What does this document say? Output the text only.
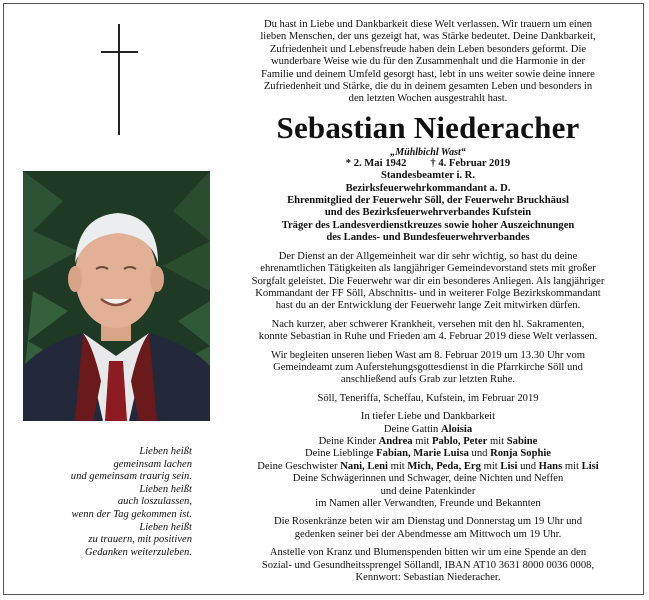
Lieben heißt
gemeinsam lachen
und gemeinsam traurig sein.
Lieben heißt
auch loszulassen,
wenn der Tag gekommen ist.
Lieben heißt
zu trauern, mit positiven
Gedanken weiterzuleben.
Du hast in Liebe und Dankbarkeit diese Welt verlassen. Wir trauern um einen
lieben Menschen, der uns gezeigt hat, was Stärke bedeutet. Deine Dankbarkeit,
Zufriedenheit und Lebensfreude haben dein Leben besonders geformt. Die
wunderbare Weise wie du für den Zusammenhalt und die Harmonie in der
Familie und deinem Umfeld gesorgt hast, lebt in uns weiter sowie deine innere
Zufriedenheit und Stärke, die du in deinem gesamten Leben und besonders in
den letzten Wochen ausgestrahlt hast.
Sebastian Niederacher
„Mühlbichl Wast“
* 2. Mai 1942 † 4. Februar 2019
Standesbeamter i. R.
Bezirksfeuerwehrkommandant a. D.
Ehrenmitglied der Feuerwehr Söll, der Feuerwehr Bruckhäusl
und des Bezirksfeuerwehrverbandes Kufstein
Träger des Landesverdienstkreuzes sowie hoher Auszeichnungen
des Landes- und Bundesfeuerwehrverbandes
Der Dienst an der Allgemeinheit war dir sehr wichtig, so hast du deine
ehrenamtlichen Tätigkeiten als langjähriger Gemeindevorstand stets mit großer
Sorgfalt geleistet. Die Feuerwehr war dir ein besonderes Anliegen. Als langjähriger
Kommandant der FF Söll, Abschnitts- und in weiterer Folge Bezirkskommandant
hast du an der Entwicklung der Feuerwehr lange Zeit mitwirken dürfen.
Nach kurzer, aber schwerer Krankheit, versehen mit den hl. Sakramenten,
konnte Sebastian in Ruhe und Frieden am 4. Februar 2019 diese Welt verlassen.
Wir begleiten unseren lieben Wast am 8. Februar 2019 um 13.30 Uhr vom
Gemeindeamt zum Auferstehungsgottesdienst in die Pfarrkirche Söll und
anschließend aufs Grab zur letzten Ruhe.
Söll, Teneriffa, Scheffau, Kufstein, im Februar 2019
In tiefer Liebe und Dankbarkeit
Deine Gattin Aloisia
Deine Kinder Andrea mit Pablo, Peter mit Sabine
Deine Lieblinge Fabian, Marie Luisa und Ronja Sophie
Deine Geschwister Nani, Leni mit Mich, Peda, Erg mit Lisi und Hans mit Lisi
Deine Schwägerinnen und Schwager, deine Nichten und Neffen
und deine Patenkinder
im Namen aller Verwandten, Freunde und Bekannten
Die Rosenkränze beten wir am Dienstag und Donnerstag um 19 Uhr und
gedenken seiner bei der Abendmesse am Mittwoch um 19 Uhr.
Anstelle von Kranz und Blumenspenden bitten wir um eine Spende an den
Sozial- und Gesundheitssprengel Söllandl, IBAN AT10 3631 8000 0036 0008,
Kennwort: Sebastian Niederacher.
